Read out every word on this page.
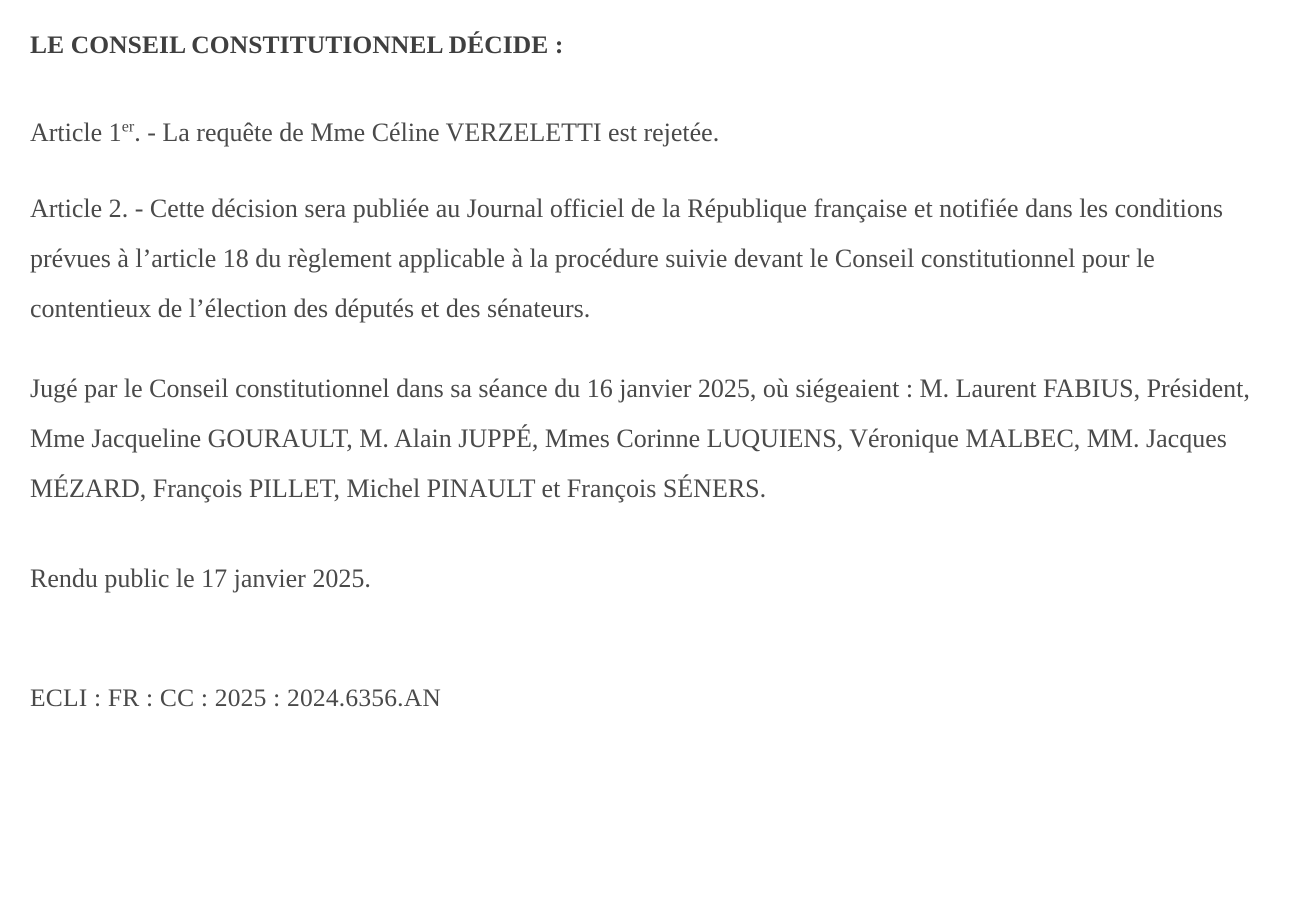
LE CONSEIL CONSTITUTIONNEL DÉCIDE :

Article 1er. - La requête de Mme Céline VERZELETTI est rejetée.

Article 2. - Cette décision sera publiée au Journal officiel de la République française et notifiée dans les conditions prévues à l’article 18 du règlement applicable à la procédure suivie devant le Conseil constitutionnel pour le contentieux de l’élection des députés et des sénateurs.

Jugé par le Conseil constitutionnel dans sa séance du 16 janvier 2025, où siégeaient : M. Laurent FABIUS, Président, Mme Jacqueline GOURAULT, M. Alain JUPPÉ, Mmes Corinne LUQUIENS, Véronique MALBEC, MM. Jacques MÉZARD, François PILLET, Michel PINAULT et François SÉNERS.

Rendu public le 17 janvier 2025.

ECLI : FR : CC : 2025 : 2024.6356.AN
